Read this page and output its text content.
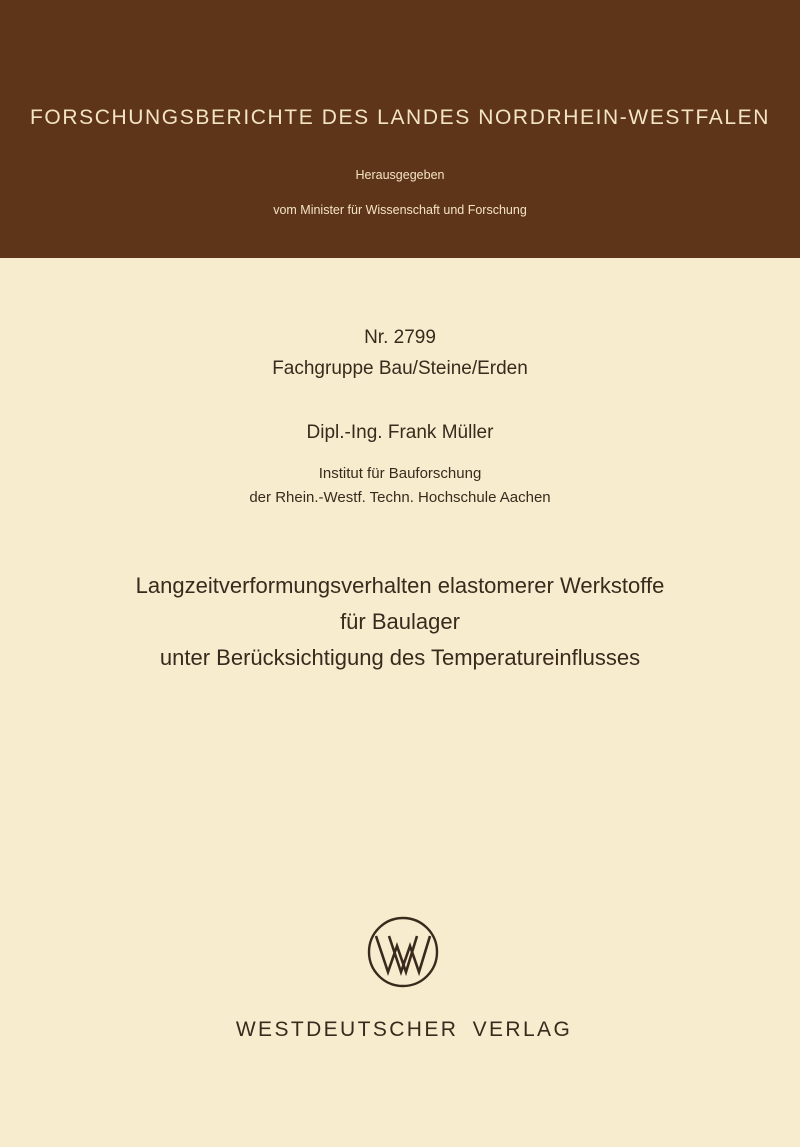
FORSCHUNGSBERICHTE DES LANDES NORDRHEIN-WESTFALEN
Herausgegeben
vom Minister für Wissenschaft und Forschung
Nr. 2799
Fachgruppe Bau/Steine/Erden
Dipl.-Ing. Frank Müller
Institut für Bauforschung
der Rhein.-Westf. Techn. Hochschule Aachen
Langzeitverformungsverhalten elastomerer Werkstoffe
für Baulager
unter Berücksichtigung des Temperatureinflusses
WESTDEUTSCHER VERLAG
